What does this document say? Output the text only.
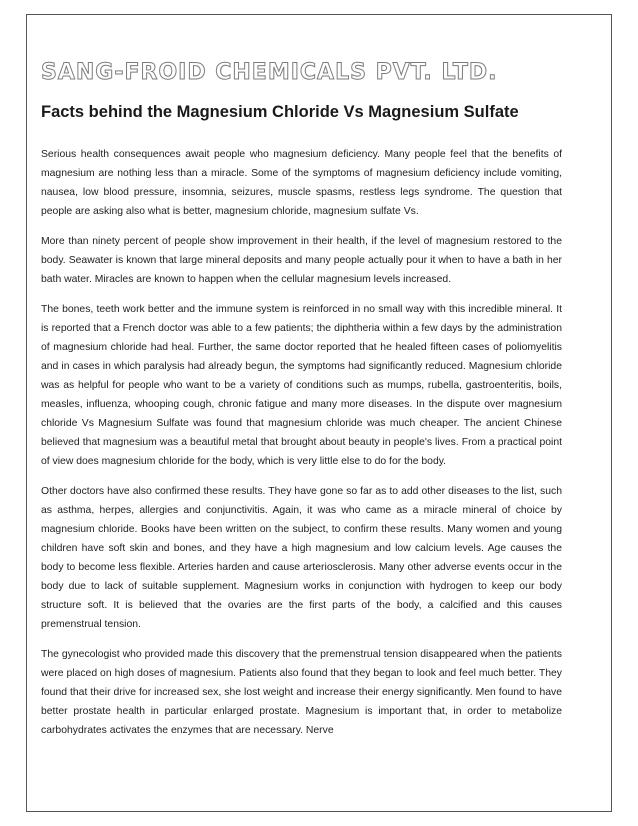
SANG-FROID CHEMICALS PVT. LTD.
Facts behind the Magnesium Chloride Vs Magnesium Sulfate

Serious health consequences await people who magnesium deficiency. Many people feel that the benefits of magnesium are nothing less than a miracle. Some of the symptoms of magnesium deficiency include vomiting, nausea, low blood pressure, insomnia, seizures, muscle spasms, restless legs syndrome. The question that people are asking also what is better, magnesium chloride, magnesium sulfate Vs.

More than ninety percent of people show improvement in their health, if the level of magnesium restored to the body. Seawater is known that large mineral deposits and many people actually pour it when to have a bath in her bath water. Miracles are known to happen when the cellular magnesium levels increased.

The bones, teeth work better and the immune system is reinforced in no small way with this incredible mineral. It is reported that a French doctor was able to a few patients; the diphtheria within a few days by the administration of magnesium chloride had heal. Further, the same doctor reported that he healed fifteen cases of poliomyelitis and in cases in which paralysis had already begun, the symptoms had significantly reduced. Magnesium chloride was as helpful for people who want to be a variety of conditions such as mumps, rubella, gastroenteritis, boils, measles, influenza, whooping cough, chronic fatigue and many more diseases. In the dispute over magnesium chloride Vs Magnesium Sulfate was found that magnesium chloride was much cheaper. The ancient Chinese believed that magnesium was a beautiful metal that brought about beauty in people's lives. From a practical point of view does magnesium chloride for the body, which is very little else to do for the body.

Other doctors have also confirmed these results. They have gone so far as to add other diseases to the list, such as asthma, herpes, allergies and conjunctivitis. Again, it was who came as a miracle mineral of choice by magnesium chloride. Books have been written on the subject, to confirm these results. Many women and young children have soft skin and bones, and they have a high magnesium and low calcium levels. Age causes the body to become less flexible. Arteries harden and cause arteriosclerosis. Many other adverse events occur in the body due to lack of suitable supplement. Magnesium works in conjunction with hydrogen to keep our body structure soft. It is believed that the ovaries are the first parts of the body, a calcified and this causes premenstrual tension.

The gynecologist who provided made this discovery that the premenstrual tension disappeared when the patients were placed on high doses of magnesium. Patients also found that they began to look and feel much better. They found that their drive for increased sex, she lost weight and increase their energy significantly. Men found to have better prostate health in particular enlarged prostate. Magnesium is important that, in order to metabolize carbohydrates activates the enzymes that are necessary. Nerve
